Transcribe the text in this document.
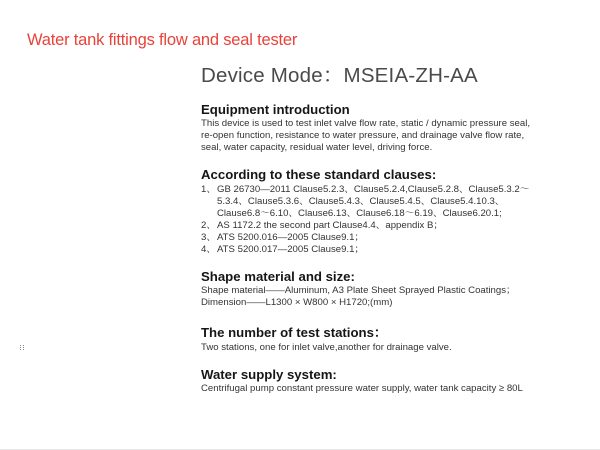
Water tank fittings flow and seal tester
Device Mode：MSEIA-ZH-AA
Equipment introduction
This device is used to test inlet valve flow rate, static / dynamic pressure seal,
re-open function, resistance to water pressure, and drainage valve flow rate,
seal, water capacity, residual water level, driving force.
According to these standard clauses:
1、 GB 26730—2011 Clause5.2.3、Clause5.2.4,Clause5.2.8、Clause5.3.2～
5.3.4、Clause5.3.6、Clause5.4.3、Clause5.4.5、Clause5.4.10.3、
Clause6.8～6.10、Clause6.13、Clause6.18～6.19、Clause6.20.1;
2、 AS 1172.2 the second part Clause4.4、appendix B；
3、 ATS 5200.016—2005 Clause9.1；
4、 ATS 5200.017—2005 Clause9.1；
Shape material and size:
Shape material——Aluminum, A3 Plate Sheet Sprayed Plastic Coatings；
Dimension——L1300 × W800 × H1720;(mm)
The number of test stations：
Two stations, one for inlet valve,another for drainage valve.
Water supply system:
Centrifugal pump constant pressure water supply, water tank capacity ≥ 80L
